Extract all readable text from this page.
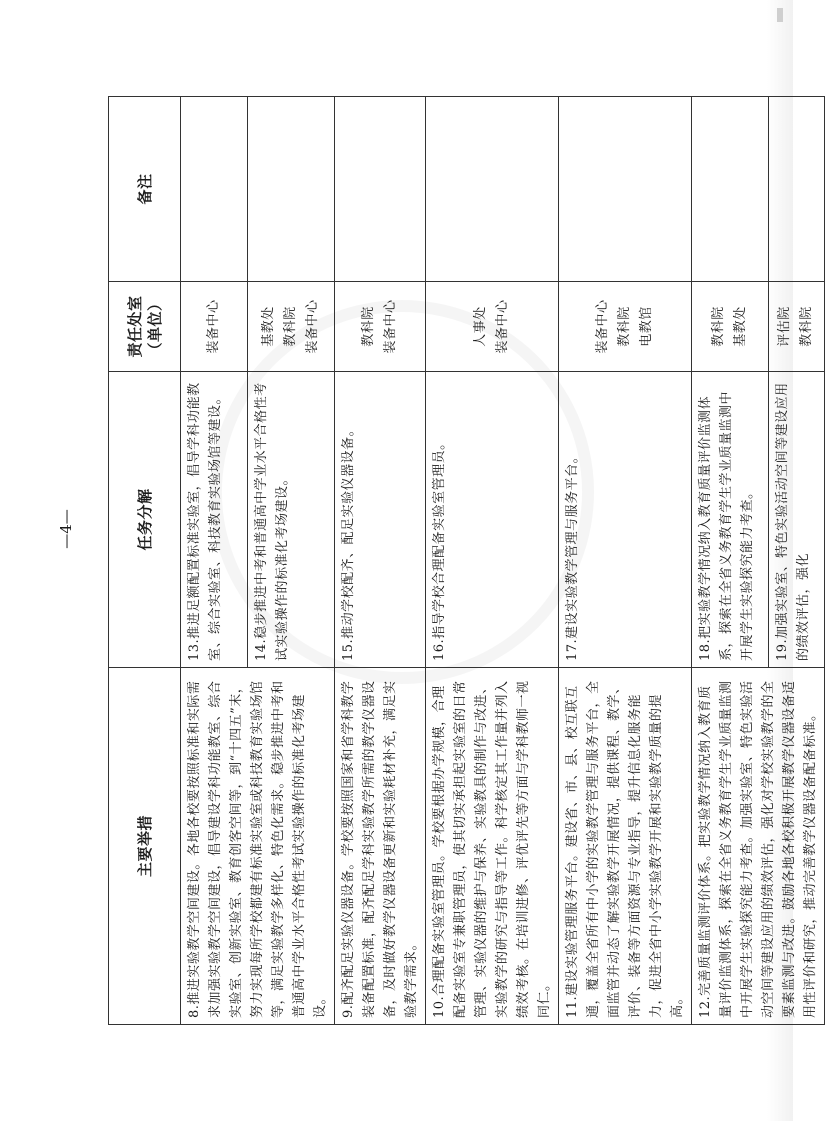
主要举措	任务分解	责任处室（单位）	备注
8.推进实验教学空间建设。各地各校要按照标准和实际需求加强实验教学空间建设，倡导建设学科功能教室、综合实验室、创新实验室、教育创客空间等，到“十四五”末，努力实现每所学校都建有标准实验室或科技教育实验场馆等，满足实验教学多样化、特色化需求。稳步推进中考和普通高中学业水平合格性考试实验操作的标准化考场建设。	13.推进足额配置标准实验室，倡导学科功能教室、综合实验室、科技教育实验场馆等建设。	装备中心	

	14.稳步推进中考和普通高中学业水平合格性考试实验操作的标准化考场建设。	基教处 教科院 装备中心	

9.配齐配足实验仪器设备。学校要按照国家和省学科教学装备配置标准，配齐配足学科实验教学所需的教学仪器设备，及时做好教学仪器设备更新和实验耗材补充，满足实验教学需求。	15.推动学校配齐、配足实验仪器设备。	教科院 装备中心	

10.合理配备实验室管理员。学校要根据办学规模，合理配备实验室专兼职管理员，使其切实承担起实验室的日常管理、实验仪器的维护与保养、实验教具的制作与改进、实验教学的研究与指导等工作。科学核定其工作量并列入绩效考核。在培训进修、评优评先等方面与学科教师一视同仁。	16.指导学校合理配备实验室管理员。	人事处 装备中心	

11.建设实验管理服务平台。建设省、市、县、校互联互通，覆盖全省所有中小学的实验教学管理与服务平台，全面监管并动态了解实验教学开展情况，提供课程、教学、评价、装备等方面资源与专业指导，提升信息化服务能力，促进全省中小学实验教学开展和实验教学质量的提高。	17.建设实验教学管理与服务平台。	装备中心 教科院 电教馆	

12.完善质量监测评价体系。把实验教学情况纳入教育质量评价监测体系，探索在全省义务教育学生学业质量监测中开展学生实验探究能力考查。加强实验室、特色实验活动空间等建设应用的绩效评估，强化对学校实验教学的全要素监测与改进。鼓励各地各校积极开展教学仪器设备适用性评价和研究，推动完善教学仪器设备配备标准。	18.把实验教学情况纳入教育质量评价监测体系，探索在全省义务教育学生学业质量监测中开展学生实验探究能力考查。	教科院 基教处	

	19.加强实验室、特色实验活动空间等建设应用的绩效评估，强化	评估院 教科院	

—4—
